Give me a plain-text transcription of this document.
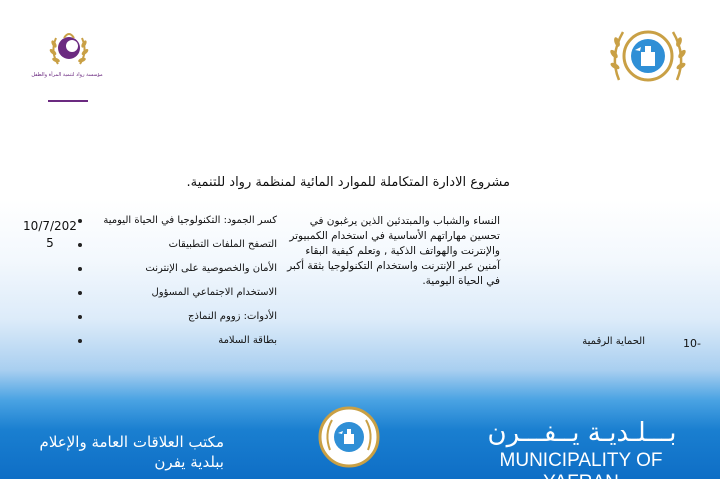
مؤسسة رواد لتنمية المرأة والطفل
مشروع الادارة المتكاملة للموارد المائية لمنظمة رواد للتنمية.
10/7/202
5
كسر الجمود: التكنولوجيا في الحياة اليومية
التصفح الملفات التطبيقات
الأمان والخصوصية على الإنترنت
الاستخدام الاجتماعي المسؤول
الأدوات: زووم النماذج
بطاقة السلامة

النساء والشباب والمبتدئين الذين يرغبون في

تحسين مهاراتهم الأساسية في استخدام الكمبيوتر

والإنترنت والهواتف الذكية , وتعلم كيفية البقاء

آمنين عبر الإنترنت واستخدام التكنولوجيا بثقة أكبر

في الحياة اليومية.

10-
الحماية الرقمية
مكتب العلاقات العامة والإعلام
ببلدية يفرن
بـــلـديـة يــفـــرن
MUNICIPALITY OF YAFRAN
